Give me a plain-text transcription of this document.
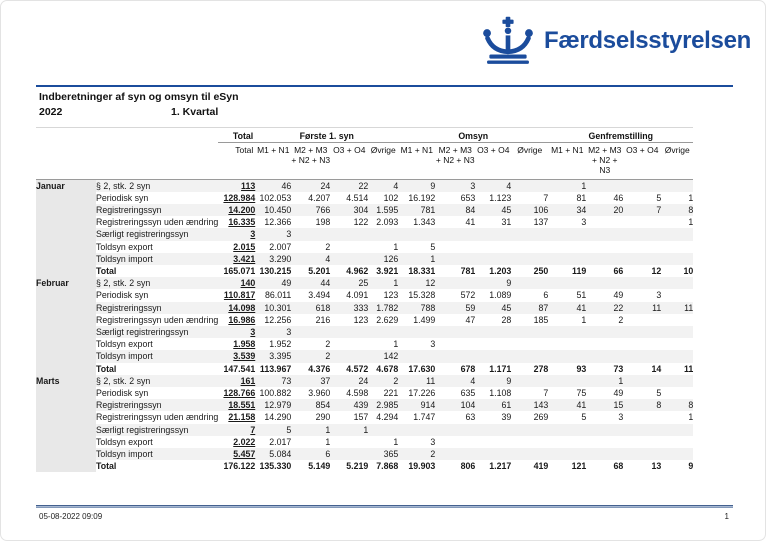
Færdselsstyrelsen
Indberetninger af syn og omsyn til eSyn
2022	1. Kvartal
		Total	Første 1. syn				Omsyn				Genfremstilling			
		Total	M1 + N1	M2 + M3 + N2 + N3	O3 + O4	Øvrige	M1 + N1	M2 + M3 + N2 + N3	O3 + O4	Øvrige	M1 + N1	M2 + M3 + N2 + N3	O3 + O4	Øvrige
Januar	§ 2, stk. 2 syn	113	46	24	22	4	9	3	4		1			
	Periodisk syn	128.984	102.053	4.207	4.514	102	16.192	653	1.123	7	81	46	5	1
	Registreringssyn	14.200	10.450	766	304	1.595	781	84	45	106	34	20	7	8
	Registreringssyn uden ændring	16.335	12.366	198	122	2.093	1.343	41	31	137	3			1
	Særligt registreringssyn	3	3											
	Toldsyn export	2.015	2.007	2		1	5							
	Toldsyn import	3.421	3.290	4		126	1							
	Total	165.071	130.215	5.201	4.962	3.921	18.331	781	1.203	250	119	66	12	10
Februar	§ 2, stk. 2 syn	140	49	44	25	1	12		9					
	Periodisk syn	110.817	86.011	3.494	4.091	123	15.328	572	1.089	6	51	49	3	
	Registreringssyn	14.098	10.301	618	333	1.782	788	59	45	87	41	22	11	11
	Registreringssyn uden ændring	16.986	12.256	216	123	2.629	1.499	47	28	185	1	2		
	Særligt registreringssyn	3	3											
	Toldsyn export	1.958	1.952	2		1	3							
	Toldsyn import	3.539	3.395	2		142								
	Total	147.541	113.967	4.376	4.572	4.678	17.630	678	1.171	278	93	73	14	11
Marts	§ 2, stk. 2 syn	161	73	37	24	2	11	4	9			1		
	Periodisk syn	128.766	100.882	3.960	4.598	221	17.226	635	1.108	7	75	49	5	
	Registreringssyn	18.551	12.979	854	439	2.985	914	104	61	143	41	15	8	8
	Registreringssyn uden ændring	21.158	14.290	290	157	4.294	1.747	63	39	269	5	3		1
	Særligt registreringssyn	7	5	1	1									
	Toldsyn export	2.022	2.017	1		1	3							
	Toldsyn import	5.457	5.084	6		365	2							
	Total	176.122	135.330	5.149	5.219	7.868	19.903	806	1.217	419	121	68	13	9
05-08-2022 09:09	1
